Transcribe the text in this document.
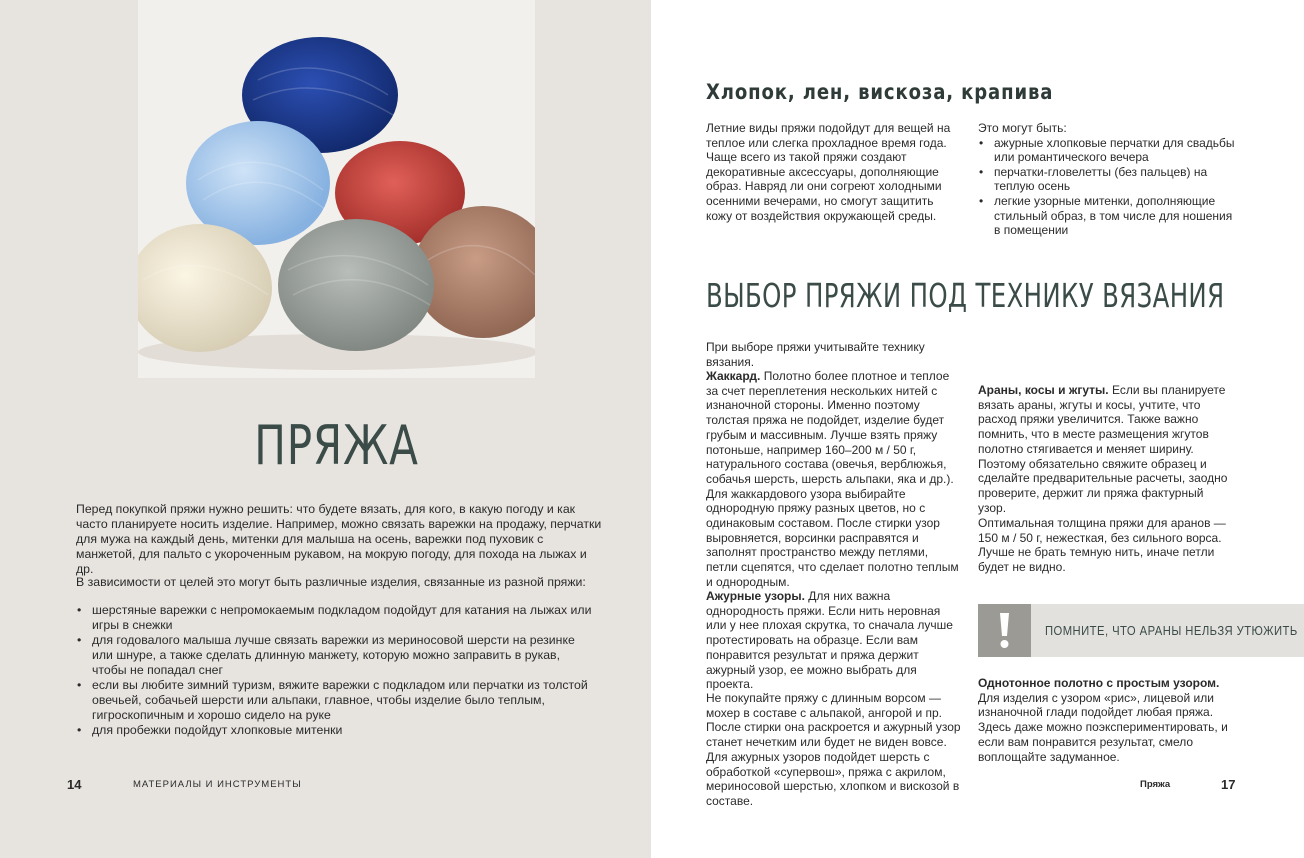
ПРЯЖА

Перед покупкой пряжи нужно решить: что будете вязать, для кого, в какую погоду и как часто планируете носить изделие. Например, можно связать варежки на продажу, перчатки для мужа на каждый день, митенки для малыша на осень, варежки под пуховик с манжетой, для пальто с укороченным рукавом, на мокрую погоду, для похода на лыжах и др.

В зависимости от целей это могут быть различные изделия, связанные из разной пряжи:

• шерстяные варежки с непромокаемым подкладом подойдут для катания на лыжах или игры в снежки
• для годовалого малыша лучше связать варежки из мериносовой шерсти на резинке или шнуре, а также сделать длинную манжету, которую можно заправить в рукав, чтобы не попадал снег
• если вы любите зимний туризм, вяжите варежки с подкладом или перчатки из толстой овечьей, собачьей шерсти или альпаки, главное, чтобы изделие было теплым, гигроскопичным и хорошо сидело на руке
• для пробежки подойдут хлопковые митенки
14	МАТЕРИАЛЫ И ИНСТРУМЕНТЫ
Хлопок, лен, вискоза, крапива

Летние виды пряжи подойдут для вещей на теплое или слегка прохладное время года. Чаще всего из такой пряжи создают декоративные аксессуары, дополняющие образ. Навряд ли они согреют холодными осенними вечерами, но смогут защитить кожу от воздействия окружающей среды.

Это могут быть:
• ажурные хлопковые перчатки для свадьбы или романтического вечера
• перчатки-гловелетты (без пальцев) на теплую осень
• легкие узорные митенки, дополняющие стильный образ, в том числе для ношения в помещении
ВЫБОР ПРЯЖИ ПОД ТЕХНИКУ ВЯЗАНИЯ

При выборе пряжи учитывайте технику вязания.

Жаккард. Полотно более плотное и теплое за счет переплетения нескольких нитей с изнаночной стороны. Именно поэтому толстая пряжа не подойдет, изделие будет грубым и массивным. Лучше взять пряжу потоньше, например 160–200 м / 50 г, натурального состава (овечья, верблюжья, собачья шерсть, шерсть альпаки, яка и др.). Для жаккардового узора выбирайте однородную пряжу разных цветов, но с одинаковым составом. После стирки узор выровняется, ворсинки расправятся и заполнят пространство между петлями, петли сцепятся, что сделает полотно теплым и однородным.

Ажурные узоры. Для них важна однородность пряжи. Если нить неровная или у нее плохая скрутка, то сначала лучше протестировать на образце. Если вам понравится результат и пряжа держит ажурный узор, ее можно выбрать для проекта.

Не покупайте пряжу с длинным ворсом — мохер в составе с альпакой, ангорой и пр. После стирки она раскроется и ажурный узор станет нечетким или будет не виден вовсе. Для ажурных узоров подойдет шерсть с обработкой «супервош», пряжа с акрилом, мериносовой шерстью, хлопком и вискозой в составе.

Араны, косы и жгуты. Если вы планируете вязать араны, жгуты и косы, учтите, что расход пряжи увеличится. Также важно помнить, что в месте размещения жгутов полотно стягивается и меняет ширину. Поэтому обязательно свяжите образец и сделайте предварительные расчеты, заодно проверите, держит ли пряжа фактурный узор.

Оптимальная толщина пряжи для аранов — 150 м / 50 г, нежесткая, без сильного ворса. Лучше не брать темную нить, иначе петли будет не видно.

ПОМНИТЕ, ЧТО АРАНЫ НЕЛЬЗЯ УТЮЖИТЬ

Однотонное полотно с простым узором. Для изделия с узором «рис», лицевой или изнаночной глади подойдет любая пряжа. Здесь даже можно поэкспериментировать, и если вам понравится результат, смело воплощайте задуманное.

Пряжа	17
